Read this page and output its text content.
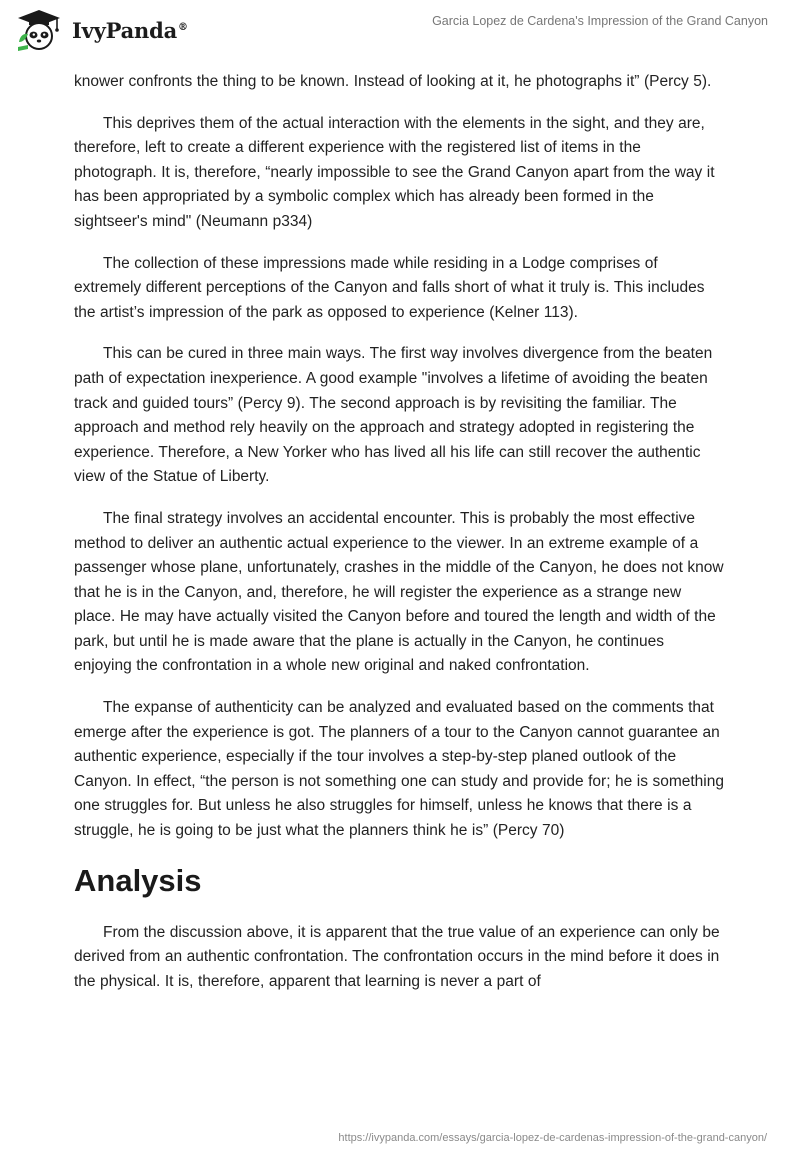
IvyPanda®	Garcia Lopez de Cardena's Impression of the Grand Canyon

knower confronts the thing to be known. Instead of looking at it, he photographs it” (Percy 5).

This deprives them of the actual interaction with the elements in the sight, and they are, therefore, left to create a different experience with the registered list of items in the photograph. It is, therefore, “nearly impossible to see the Grand Canyon apart from the way it has been appropriated by a symbolic complex which has already been formed in the sightseer's mind" (Neumann p334)

The collection of these impressions made while residing in a Lodge comprises of extremely different perceptions of the Canyon and falls short of what it truly is. This includes the artist’s impression of the park as opposed to experience (Kelner 113).

This can be cured in three main ways. The first way involves divergence from the beaten path of expectation inexperience. A good example "involves a lifetime of avoiding the beaten track and guided tours” (Percy 9). The second approach is by revisiting the familiar. The approach and method rely heavily on the approach and strategy adopted in registering the experience. Therefore, a New Yorker who has lived all his life can still recover the authentic view of the Statue of Liberty.

The final strategy involves an accidental encounter. This is probably the most effective method to deliver an authentic actual experience to the viewer. In an extreme example of a passenger whose plane, unfortunately, crashes in the middle of the Canyon, he does not know that he is in the Canyon, and, therefore, he will register the experience as a strange new place. He may have actually visited the Canyon before and toured the length and width of the park, but until he is made aware that the plane is actually in the Canyon, he continues enjoying the confrontation in a whole new original and naked confrontation.

The expanse of authenticity can be analyzed and evaluated based on the comments that emerge after the experience is got. The planners of a tour to the Canyon cannot guarantee an authentic experience, especially if the tour involves a step-by-step planed outlook of the Canyon. In effect, “the person is not something one can study and provide for; he is something one struggles for. But unless he also struggles for himself, unless he knows that there is a struggle, he is going to be just what the planners think he is” (Percy 70)

Analysis

From the discussion above, it is apparent that the true value of an experience can only be derived from an authentic confrontation. The confrontation occurs in the mind before it does in the physical. It is, therefore, apparent that learning is never a part of

https://ivypanda.com/essays/garcia-lopez-de-cardenas-impression-of-the-grand-canyon/
